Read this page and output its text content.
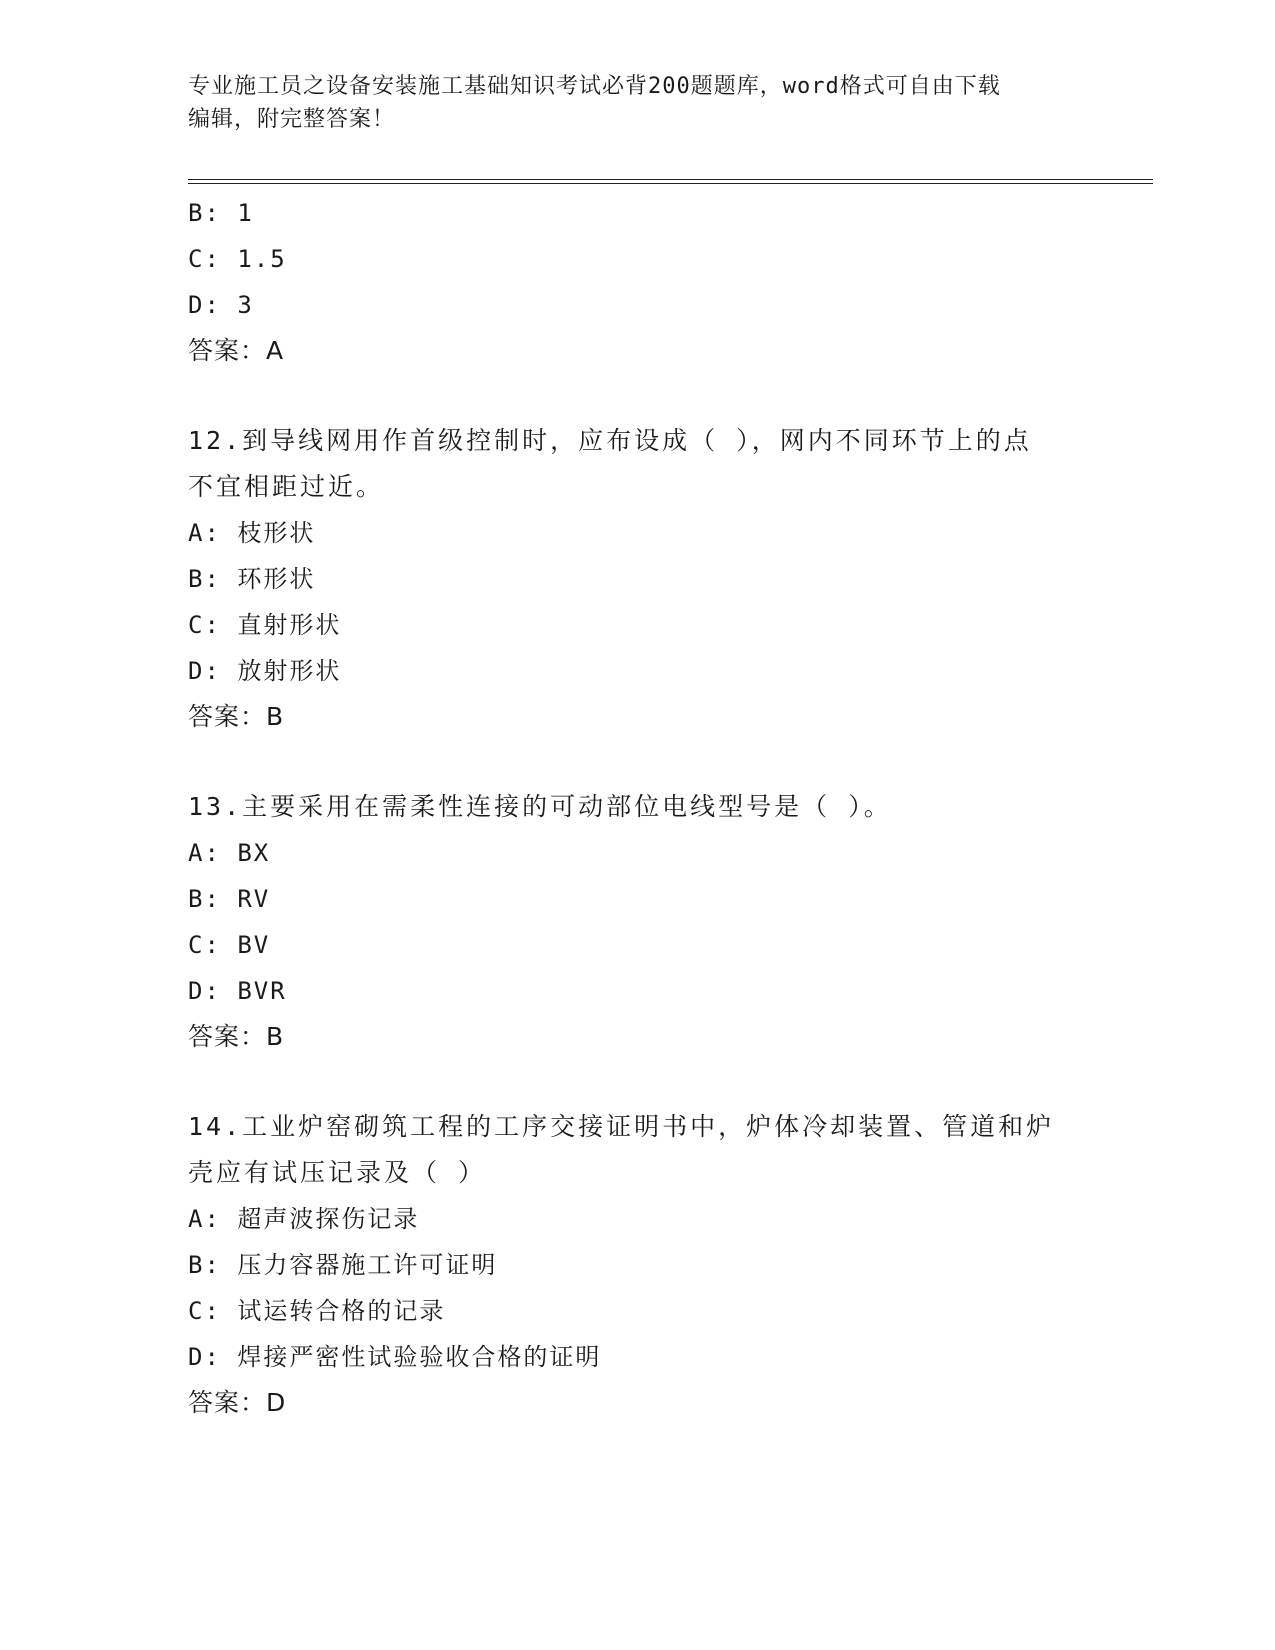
专业施工员之设备安装施工基础知识考试必背200题题库，word格式可自由下载
编辑，附完整答案！
B: 1
C: 1.5
D: 3
答案：A
12.到导线网用作首级控制时，应布设成（ ），网内不同环节上的点
不宜相距过近。
A: 枝形状
B: 环形状
C: 直射形状
D: 放射形状
答案：B
13.主要采用在需柔性连接的可动部位电线型号是（ ）。
A: BX
B: RV
C: BV
D: BVR
答案：B
14.工业炉窑砌筑工程的工序交接证明书中，炉体冷却装置、管道和炉
壳应有试压记录及（ ）
A: 超声波探伤记录
B: 压力容器施工许可证明
C: 试运转合格的记录
D: 焊接严密性试验验收合格的证明
答案：D
